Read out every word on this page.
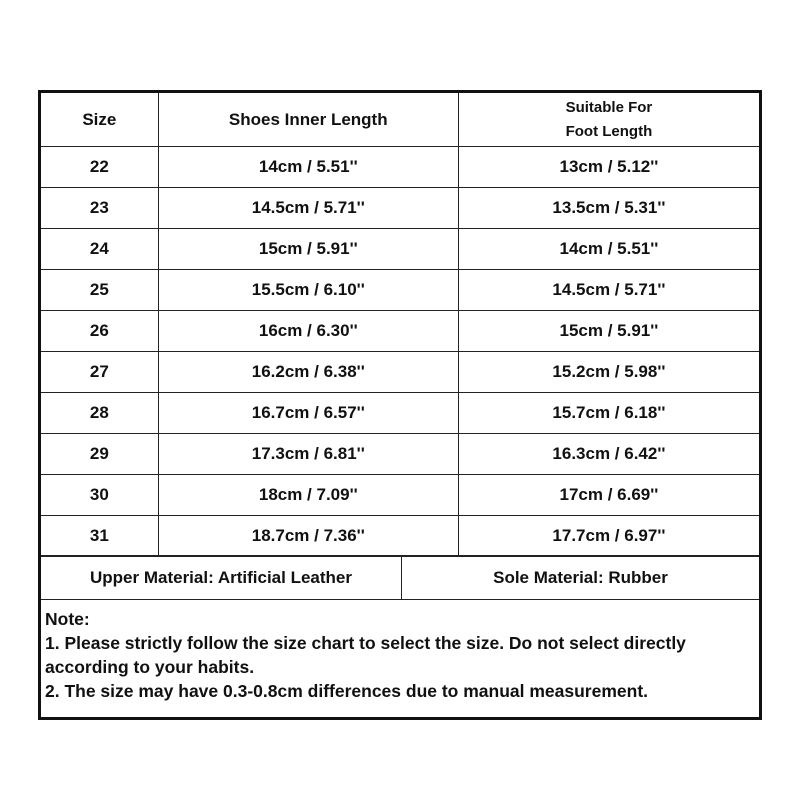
Size	Shoes Inner Length	Suitable For
Foot Length

22	14cm / 5.51''	13cm / 5.12''
23	14.5cm / 5.71''	13.5cm / 5.31''
24	15cm / 5.91''	14cm / 5.51''
25	15.5cm / 6.10''	14.5cm / 5.71''
26	16cm / 6.30''	15cm / 5.91''
27	16.2cm / 6.38''	15.2cm / 5.98''
28	16.7cm / 6.57''	15.7cm / 6.18''
29	17.3cm / 6.81''	16.3cm / 6.42''
30	18cm / 7.09''	17cm / 6.69''
31	18.7cm / 7.36''	17.7cm / 6.97''
Upper Material: Artificial Leather	Sole Material: Rubber
Note:
1. Please strictly follow the size chart to select the size. Do not select directly according to your habits.
2. The size may have 0.3-0.8cm differences due to manual measurement.
